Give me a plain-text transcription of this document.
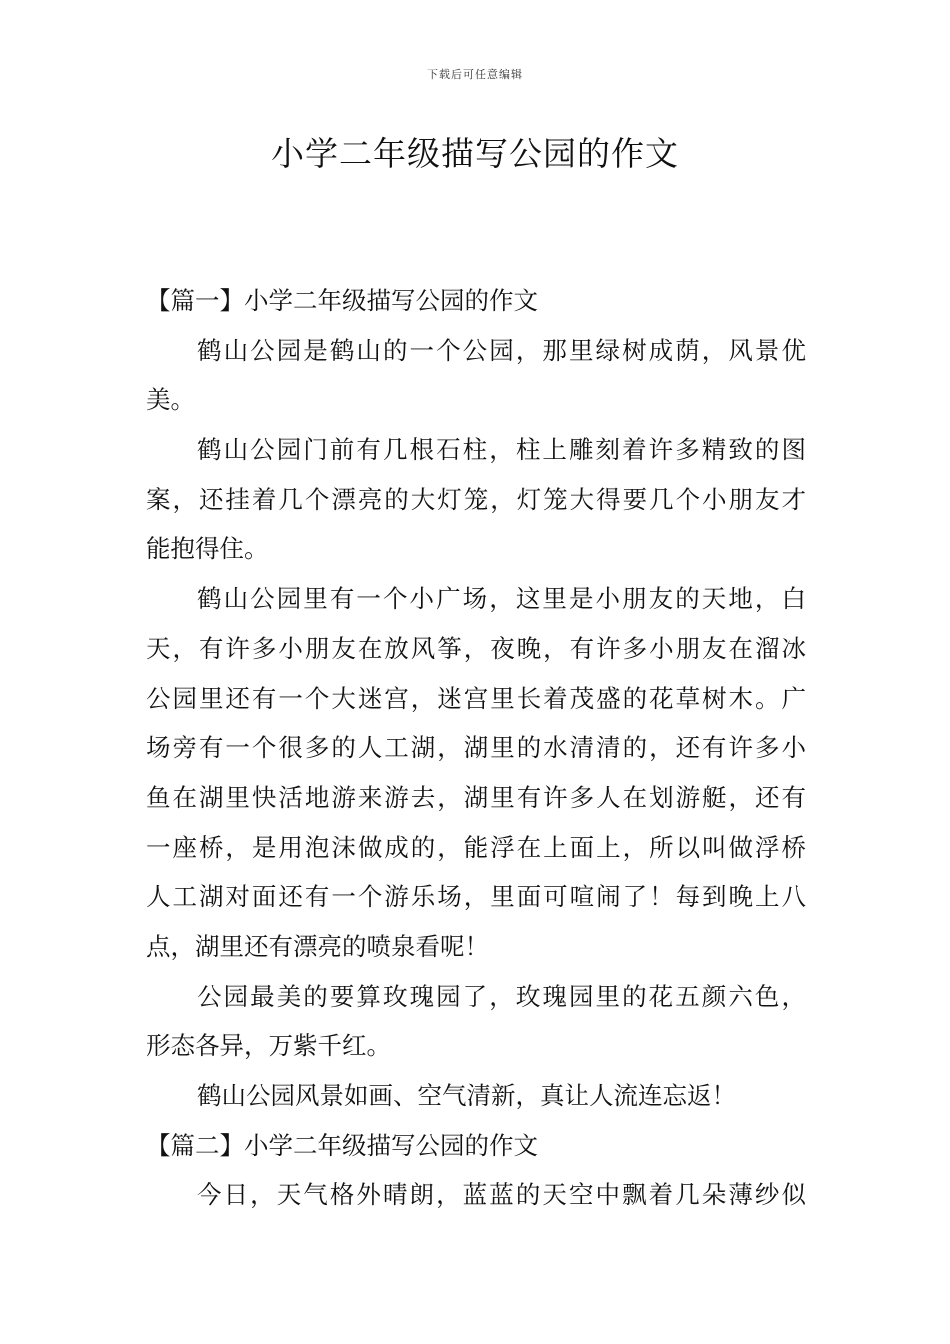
下载后可任意编辑
小学二年级描写公园的作文
【篇一】小学二年级描写公园的作文
鹤山公园是鹤山的一个公园，那里绿树成荫，风景优
美。
鹤山公园门前有几根石柱，柱上雕刻着许多精致的图
案，还挂着几个漂亮的大灯笼，灯笼大得要几个小朋友才
能抱得住。
鹤山公园里有一个小广场，这里是小朋友的天地，白
天，有许多小朋友在放风筝，夜晚，有许多小朋友在溜冰
公园里还有一个大迷宫，迷宫里长着茂盛的花草树木。广
场旁有一个很多的人工湖，湖里的水清清的，还有许多小
鱼在湖里快活地游来游去，湖里有许多人在划游艇，还有
一座桥，是用泡沫做成的，能浮在上面上，所以叫做浮桥
人工湖对面还有一个游乐场，里面可喧闹了！每到晚上八
点，湖里还有漂亮的喷泉看呢！
公园最美的要算玫瑰园了，玫瑰园里的花五颜六色，
形态各异，万紫千红。
鹤山公园风景如画、空气清新，真让人流连忘返！
【篇二】小学二年级描写公园的作文
今日，天气格外晴朗，蓝蓝的天空中飘着几朵薄纱似
